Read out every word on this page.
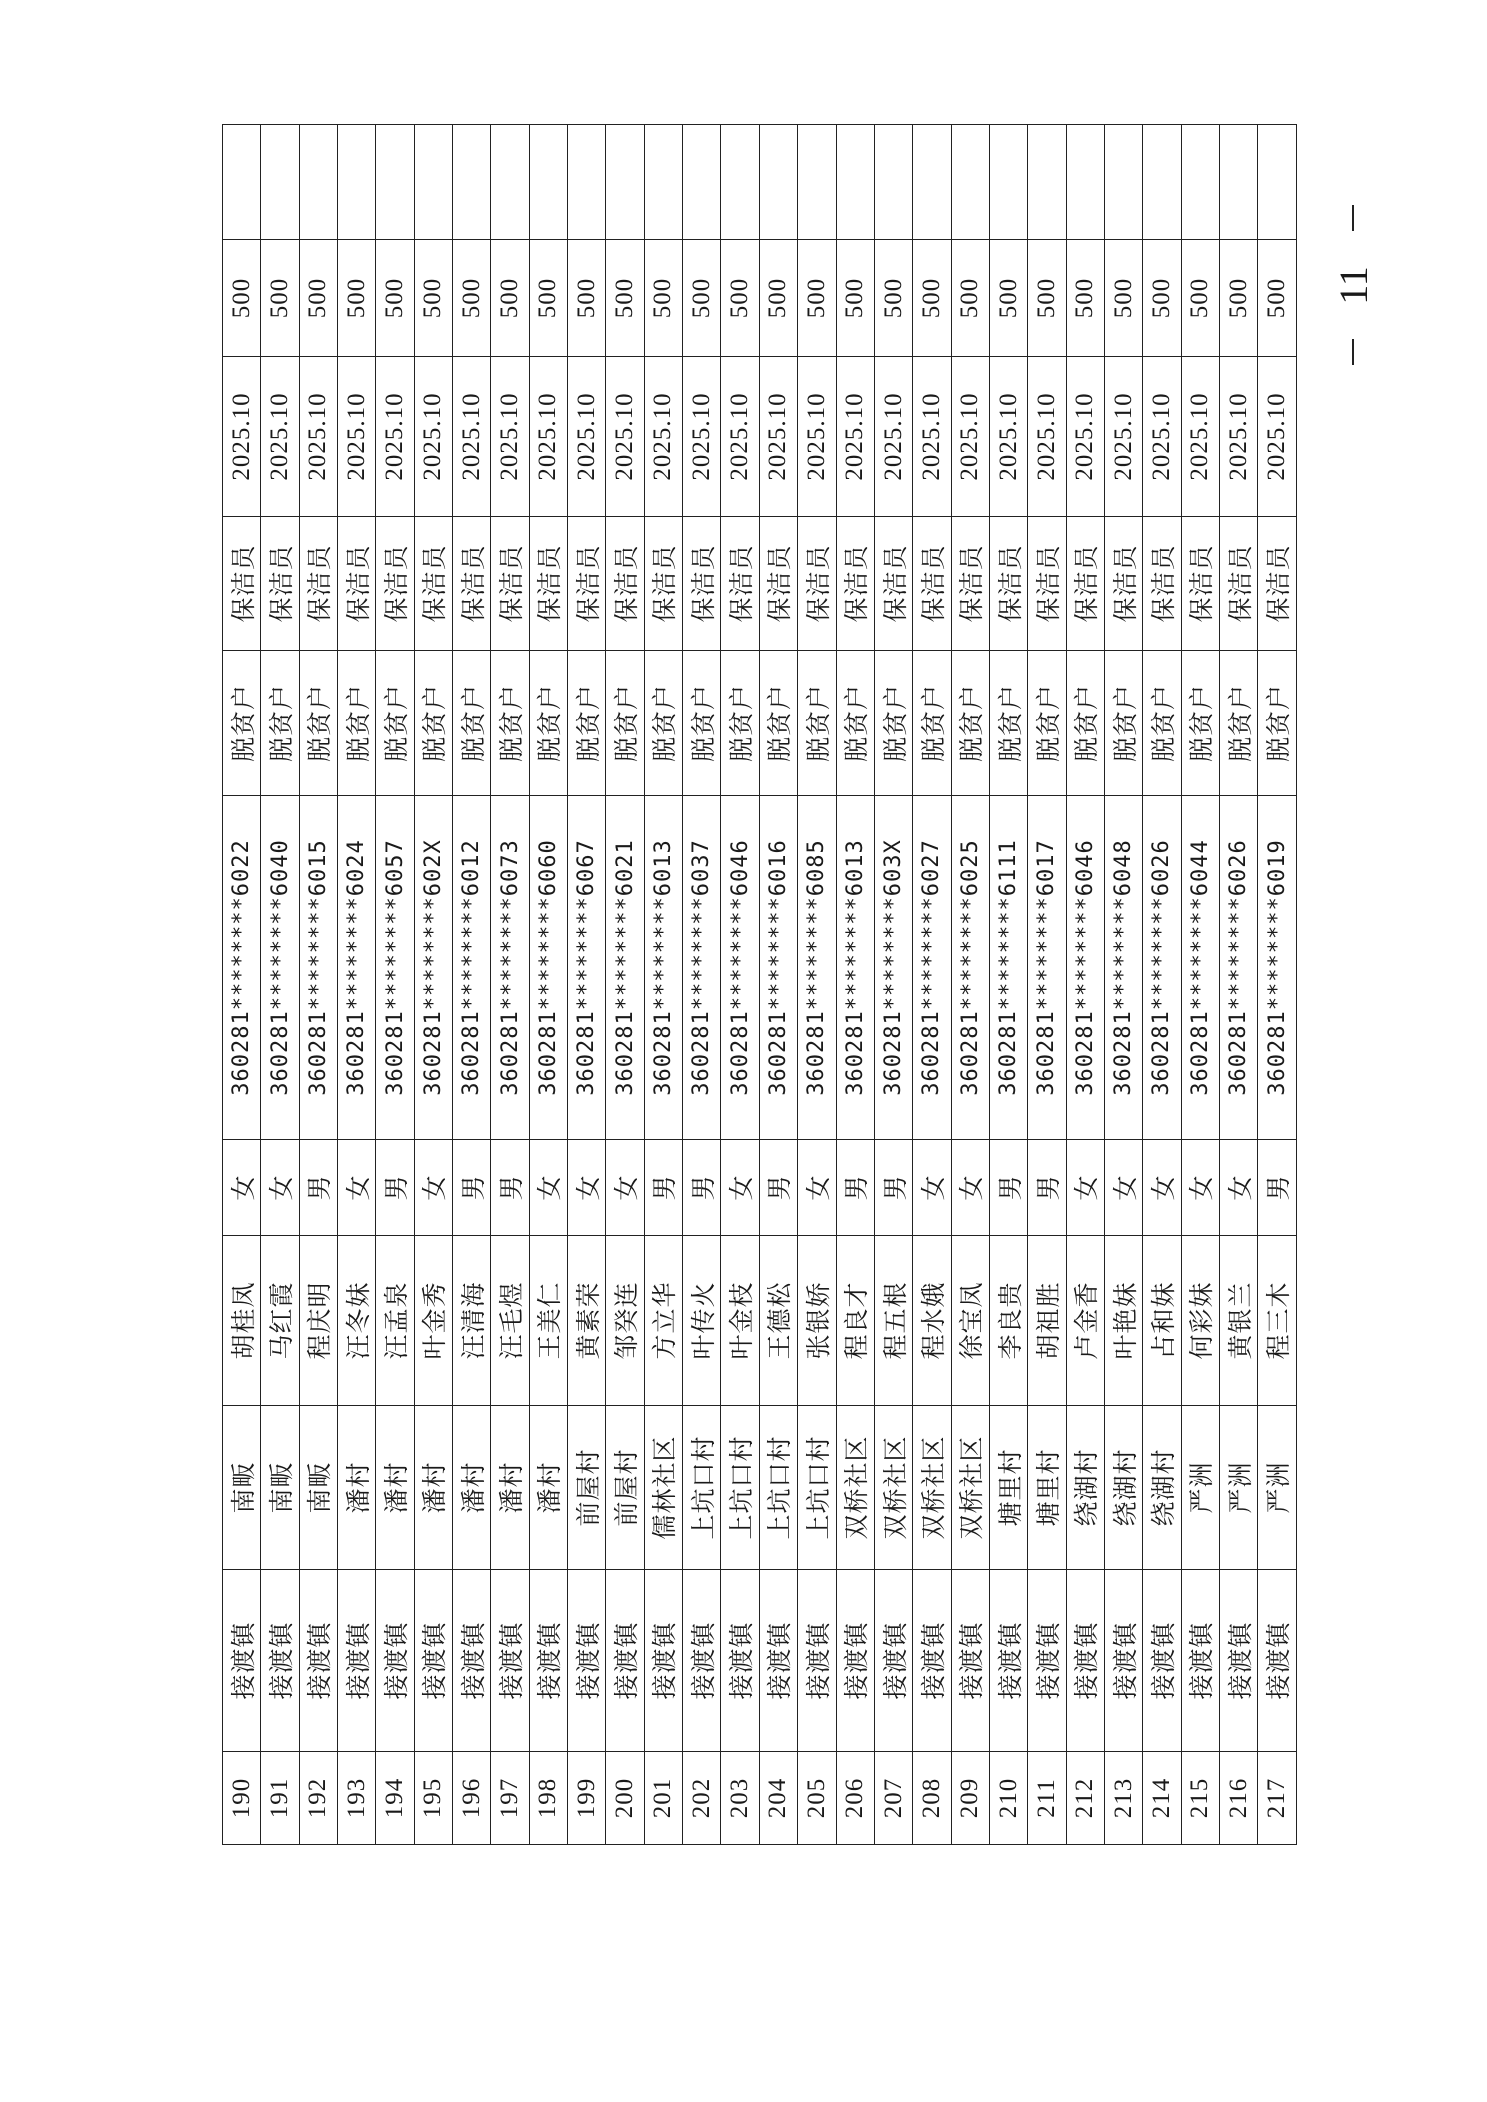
190	接渡镇	南畈	胡桂凤	女	360281********6022	脱贫户	保洁员	2025.10	500	
191	接渡镇	南畈	马红霞	女	360281********6040	脱贫户	保洁员	2025.10	500	
192	接渡镇	南畈	程庆明	男	360281********6015	脱贫户	保洁员	2025.10	500	
193	接渡镇	潘村	汪冬妹	女	360281********6024	脱贫户	保洁员	2025.10	500	
194	接渡镇	潘村	汪孟泉	男	360281********6057	脱贫户	保洁员	2025.10	500	
195	接渡镇	潘村	叶金秀	女	360281********602X	脱贫户	保洁员	2025.10	500	
196	接渡镇	潘村	汪清海	男	360281********6012	脱贫户	保洁员	2025.10	500	
197	接渡镇	潘村	汪毛煜	男	360281********6073	脱贫户	保洁员	2025.10	500	
198	接渡镇	潘村	王美仁	女	360281********6060	脱贫户	保洁员	2025.10	500	
199	接渡镇	前屋村	黄素荣	女	360281********6067	脱贫户	保洁员	2025.10	500	
200	接渡镇	前屋村	邹癸连	女	360281********6021	脱贫户	保洁员	2025.10	500	
201	接渡镇	儒林社区	方立华	男	360281********6013	脱贫户	保洁员	2025.10	500	
202	接渡镇	上坑口村	叶传火	男	360281********6037	脱贫户	保洁员	2025.10	500	
203	接渡镇	上坑口村	叶金枝	女	360281********6046	脱贫户	保洁员	2025.10	500	
204	接渡镇	上坑口村	王德松	男	360281********6016	脱贫户	保洁员	2025.10	500	
205	接渡镇	上坑口村	张银娇	女	360281********6085	脱贫户	保洁员	2025.10	500	
206	接渡镇	双桥社区	程良才	男	360281********6013	脱贫户	保洁员	2025.10	500	
207	接渡镇	双桥社区	程五根	男	360281********603X	脱贫户	保洁员	2025.10	500	
208	接渡镇	双桥社区	程水娥	女	360281********6027	脱贫户	保洁员	2025.10	500	
209	接渡镇	双桥社区	徐宝凤	女	360281********6025	脱贫户	保洁员	2025.10	500	
210	接渡镇	塘里村	李良贵	男	360281********6111	脱贫户	保洁员	2025.10	500	
211	接渡镇	塘里村	胡祖胜	男	360281********6017	脱贫户	保洁员	2025.10	500	
212	接渡镇	绕湖村	卢金香	女	360281********6046	脱贫户	保洁员	2025.10	500	
213	接渡镇	绕湖村	叶艳妹	女	360281********6048	脱贫户	保洁员	2025.10	500	
214	接渡镇	绕湖村	占和妹	女	360281********6026	脱贫户	保洁员	2025.10	500	
215	接渡镇	严洲	何彩妹	女	360281********6044	脱贫户	保洁员	2025.10	500	
216	接渡镇	严洲	黄银兰	女	360281********6026	脱贫户	保洁员	2025.10	500	
217	接渡镇	严洲	程三木	男	360281********6019	脱贫户	保洁员	2025.10	500	11
